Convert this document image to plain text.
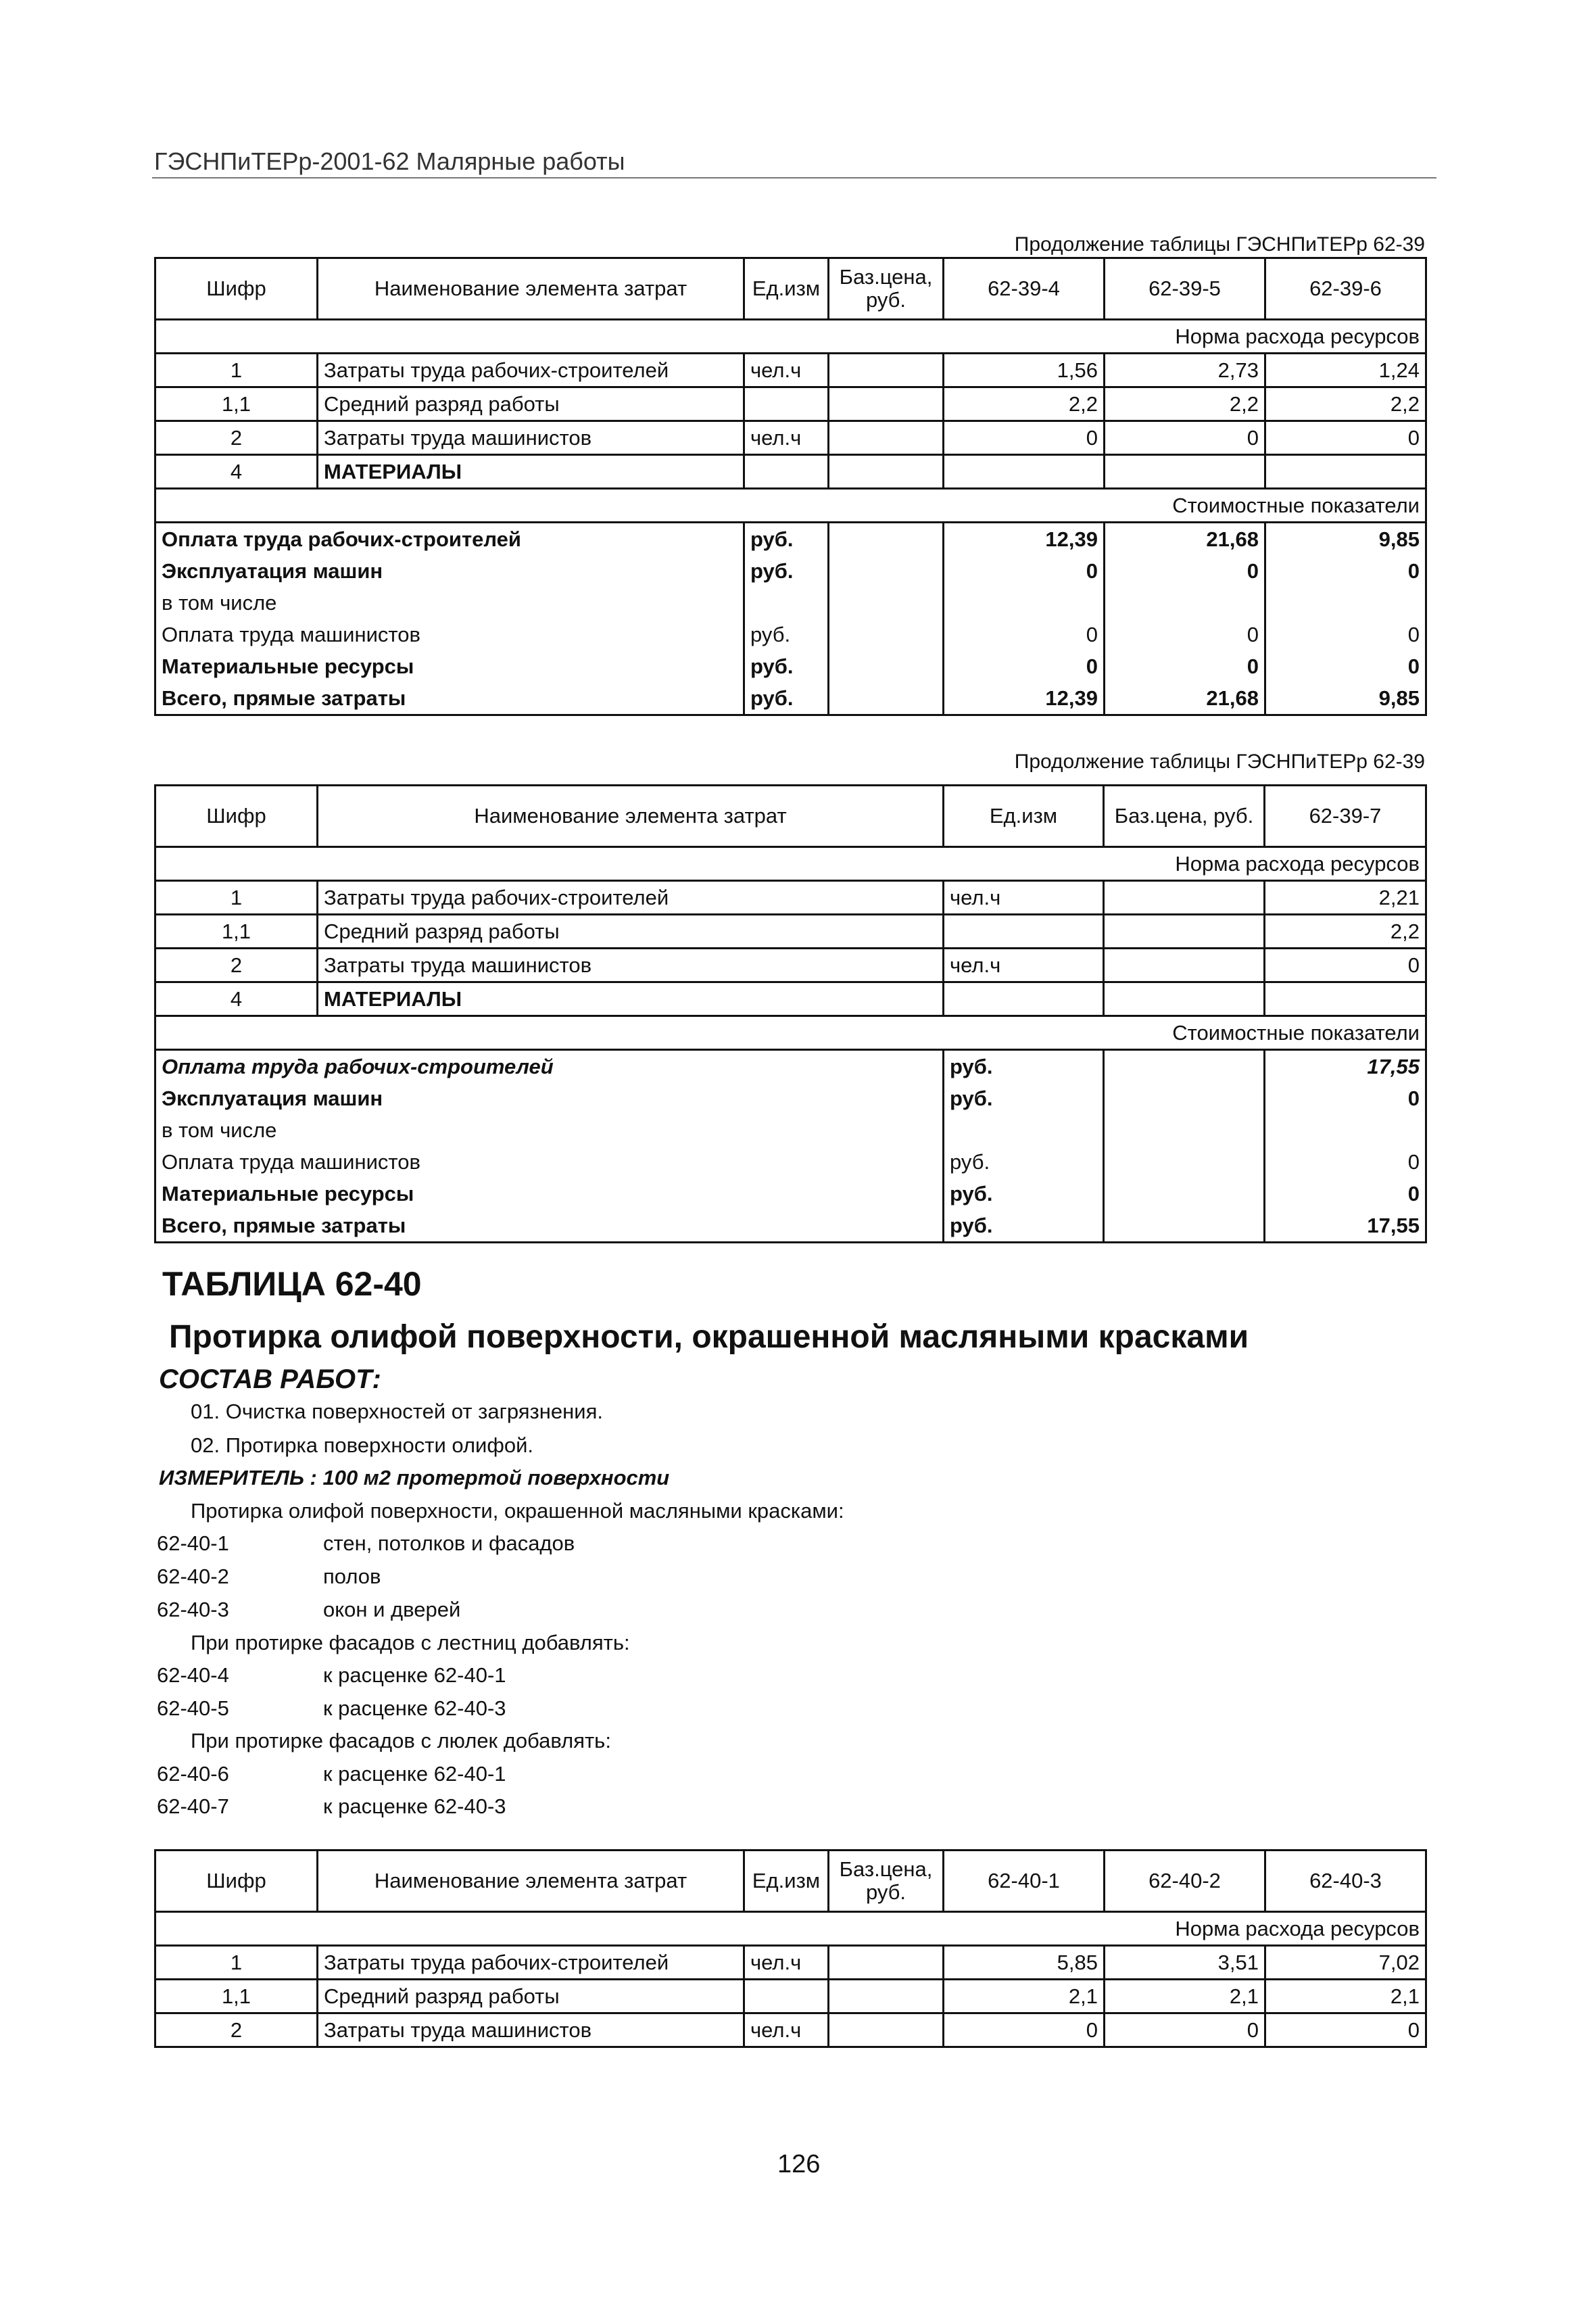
ГЭСНПиТЕРр-2001-62 Малярные работы
Продолжение таблицы ГЭСНПиТЕРр 62-39
Шифр	Наименование элемента затрат	Ед.изм	Баз.цена, руб.	62-39-4	62-39-5	62-39-6
Норма расхода ресурсов						
1	Затраты труда рабочих-строителей	чел.ч		1,56	2,73	1,24
1,1	Средний разряд работы			2,2	2,2	2,2
2	Затраты труда машинистов	чел.ч		0	0	0
4	МАТЕРИАЛЫ					
Стоимостные показатели						
Оплата труда рабочих-строителей		руб.		12,39	21,68	9,85
Эксплуатация машин		руб.		0	0	0
в том числе						
Оплата труда машинистов		руб.		0	0	0
Материальные ресурсы		руб.		0	0	0
Всего, прямые затраты		руб.		12,39	21,68	9,85
Продолжение таблицы ГЭСНПиТЕРр 62-39
Шифр	Наименование элемента затрат	Ед.изм	Баз.цена, руб.	62-39-7
Норма расхода ресурсов				
1	Затраты труда рабочих-строителей	чел.ч		2,21
1,1	Средний разряд работы			2,2
2	Затраты труда машинистов	чел.ч		0
4	МАТЕРИАЛЫ			
Стоимостные показатели				
Оплата труда рабочих-строителей		руб.		17,55
Эксплуатация машин		руб.		0
в том числе				
Оплата труда машинистов		руб.		0
Материальные ресурсы		руб.		0
Всего, прямые затраты		руб.		17,55
ТАБЛИЦА 62-40
Протирка олифой поверхности, окрашенной масляными красками
СОСТАВ РАБОТ:
01. Очистка поверхностей от загрязнения.
02. Протирка поверхности олифой.
ИЗМЕРИТЕЛЬ : 100 м2 протертой поверхности
Протирка олифой поверхности, окрашенной масляными красками:
62-40-1	стен, потолков и фасадов
62-40-2	полов
62-40-3	окон и дверей
При протирке фасадов с лестниц добавлять:
62-40-4	к расценке 62-40-1
62-40-5	к расценке 62-40-3
При протирке фасадов с люлек добавлять:
62-40-6	к расценке 62-40-1
62-40-7	к расценке 62-40-3
Шифр	Наименование элемента затрат	Ед.изм	Баз.цена, руб.	62-40-1	62-40-2	62-40-3
Норма расхода ресурсов						
1	Затраты труда рабочих-строителей	чел.ч		5,85	3,51	7,02
1,1	Средний разряд работы			2,1	2,1	2,1
2	Затраты труда машинистов	чел.ч		0	0	0
126
